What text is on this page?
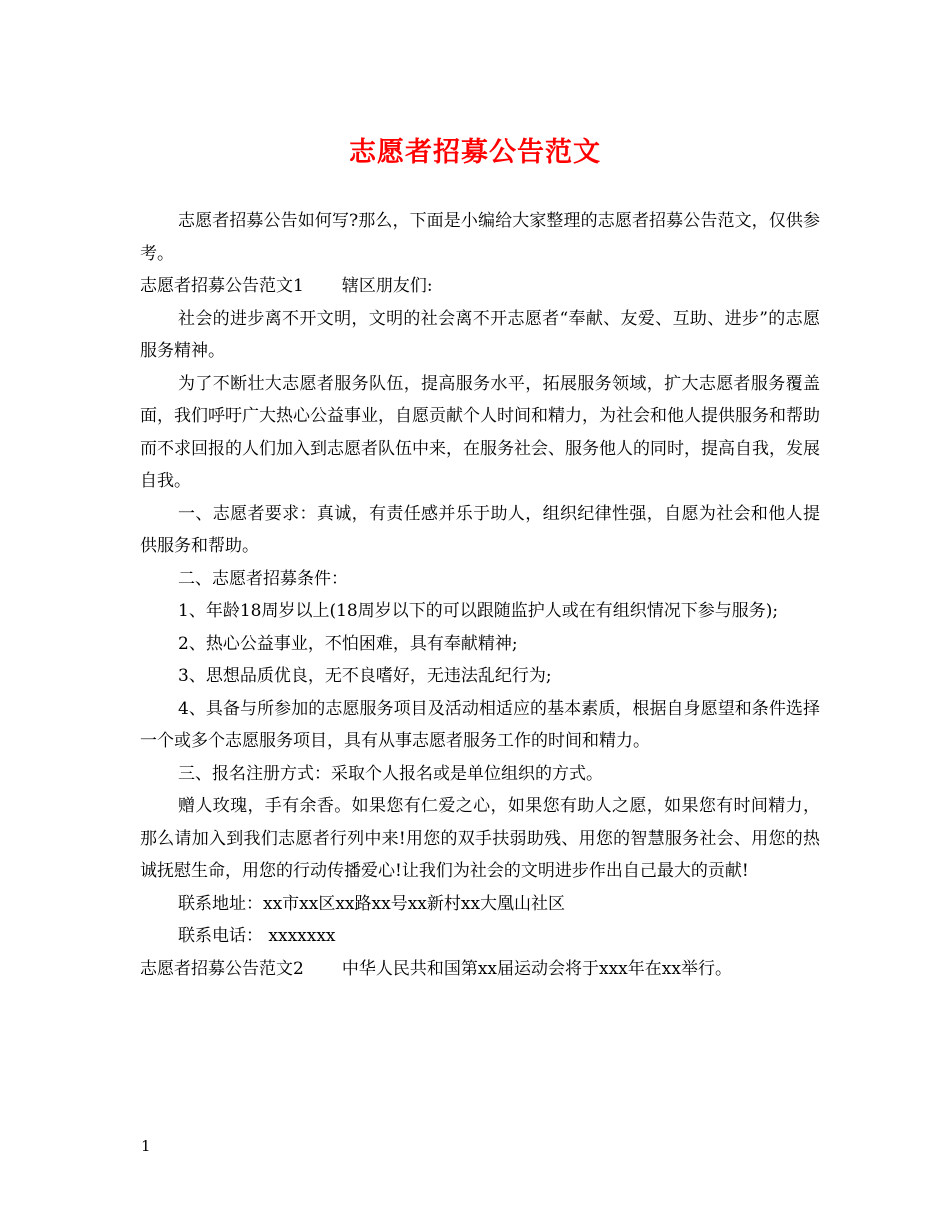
志愿者招募公告范文

志愿者招募公告如何写?那么，下面是小编给大家整理的志愿者招募公告范文，仅供参考。

志愿者招募公告范文1 辖区朋友们:

社会的进步离不开文明，文明的社会离不开志愿者“奉献、友爱、互助、进步”的志愿服务精神。

为了不断壮大志愿者服务队伍，提高服务水平，拓展服务领域，扩大志愿者服务覆盖面，我们呼吁广大热心公益事业，自愿贡献个人时间和精力，为社会和他人提供服务和帮助而不求回报的人们加入到志愿者队伍中来，在服务社会、服务他人的同时，提高自我，发展自我。

一、志愿者要求：真诚，有责任感并乐于助人，组织纪律性强，自愿为社会和他人提供服务和帮助。

二、志愿者招募条件：

1、年龄18周岁以上(18周岁以下的可以跟随监护人或在有组织情况下参与服务);

2、热心公益事业，不怕困难，具有奉献精神;

3、思想品质优良，无不良嗜好，无违法乱纪行为;

4、具备与所参加的志愿服务项目及活动相适应的基本素质，根据自身愿望和条件选择一个或多个志愿服务项目，具有从事志愿者服务工作的时间和精力。

三、报名注册方式：采取个人报名或是单位组织的方式。

赠人玫瑰，手有余香。如果您有仁爱之心，如果您有助人之愿，如果您有时间精力，那么请加入到我们志愿者行列中来!用您的双手扶弱助残、用您的智慧服务社会、用您的热诚抚慰生命，用您的行动传播爱心!让我们为社会的文明进步作出自己最大的贡献!

联系地址：xx市xx区xx路xx号xx新村xx大凰山社区

联系电话： xxxxxxx

志愿者招募公告范文2 中华人民共和国第xx届运动会将于xxx年在xx举行。

1
